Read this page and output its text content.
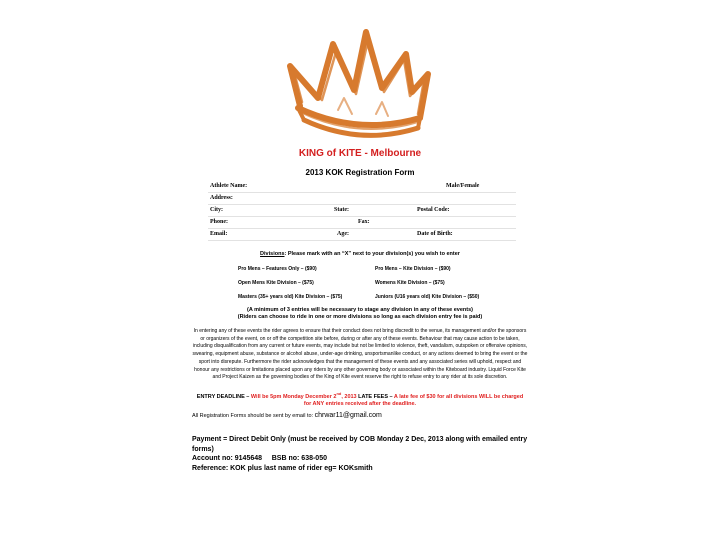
KING of KITE - Melbourne
2013 KOK Registration Form
Athlete Name:	Male/Female
Address:
City:	State:	Postal Code:
Phone:	Fax:
Email:	Age:	Date of Birth:
Divisions: Please mark with an “X” next to your division(s) you wish to enter
Pro Mens – Features Only – ($90)	Pro Mens – Kite Division – ($90)
Open Mens Kite Division – ($75)	Womens Kite Division – ($75)
Masters (35+ years old) Kite Division – ($75)	Juniors (U16 years old) Kite Division – ($50)
(A minimum of 3 entries will be necessary to stage any division in any of these events)
(Riders can choose to ride in one or more divisions so long as each division entry fee is paid)
In entering any of these events the rider agrees to ensure that their conduct does not bring discredit to the venue, its management and/or the sponsors or organizers of the event, on or off the competition site before, during or after any of these events. Behaviour that may cause action to be taken, including disqualification from any current or future events, may include but not be limited to violence, theft, vandalism, outspoken or offensive opinions, swearing, equipment abuse, substance or alcohol abuse, under-age drinking, unsportsmanlike conduct, or any actions deemed to bring the event or the sport into disrepute. Furthermore the rider acknowledges that the management of these events and any associated series will uphold, respect and honour any restrictions or limitations placed upon any riders by any other governing body or associated within the Kiteboard industry. Liquid Force Kite and Project Kaizen as the governing bodies of the King of Kite event reserve the right to refuse entry to any rider at its sole discretion.
ENTRY DEADLINE – Will be 5pm Monday December 2nd, 2013 LATE FEES – A late fee of $30 for all divisions WILL be charged for ANY entries received after the deadline.
All Registration Forms should be sent by email to: chrwar11@gmail.com
Payment = Direct Debit Only (must be received by COB Monday 2 Dec, 2013 along with emailed entry forms)
Account no: 9145648     BSB no: 638-050
Reference: KOK plus last name of rider eg= KOKsmith
